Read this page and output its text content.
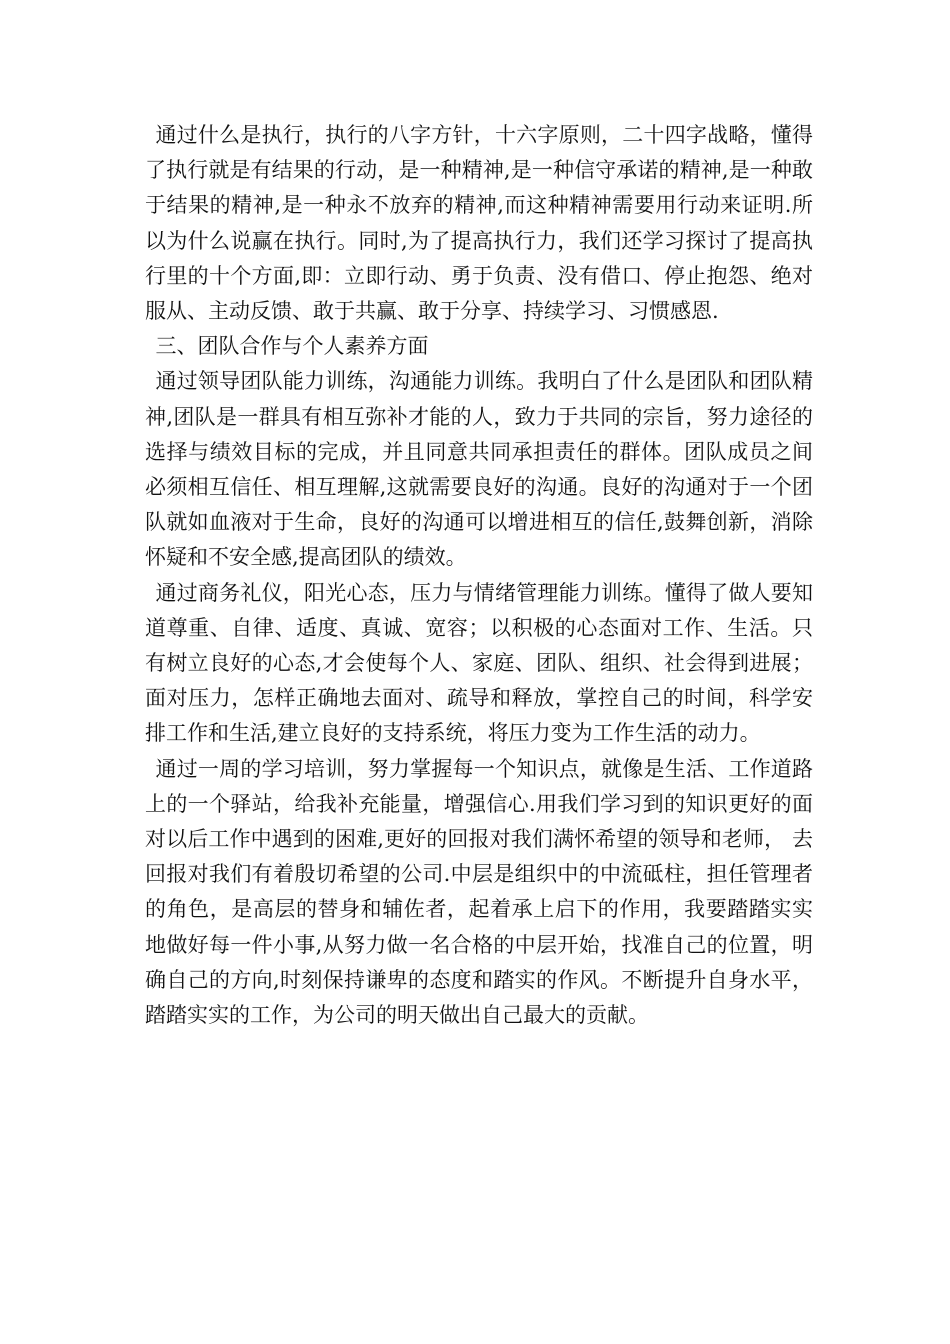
通过什么是执行，执行的八字方针，十六字原则，二十四字战略，懂得了执行就是有结果的行动，是一种精神,是一种信守承诺的精神,是一种敢于结果的精神,是一种永不放弃的精神,而这种精神需要用行动来证明.所以为什么说赢在执行。同时,为了提高执行力，我们还学习探讨了提高执行里的十个方面,即：立即行动、勇于负责、没有借口、停止抱怨、绝对服从、主动反馈、敢于共赢、敢于分享、持续学习、习惯感恩.

三、团队合作与个人素养方面

通过领导团队能力训练，沟通能力训练。我明白了什么是团队和团队精神,团队是一群具有相互弥补才能的人，致力于共同的宗旨，努力途径的选择与绩效目标的完成，并且同意共同承担责任的群体。团队成员之间必须相互信任、相互理解,这就需要良好的沟通。良好的沟通对于一个团队就如血液对于生命，良好的沟通可以增进相互的信任,鼓舞创新，消除怀疑和不安全感,提高团队的绩效。

通过商务礼仪，阳光心态，压力与情绪管理能力训练。懂得了做人要知道尊重、自律、适度、真诚、宽容；以积极的心态面对工作、生活。只有树立良好的心态,才会使每个人、家庭、团队、组织、社会得到进展；面对压力，怎样正确地去面对、疏导和释放，掌控自己的时间，科学安排工作和生活,建立良好的支持系统，将压力变为工作生活的动力。

通过一周的学习培训，努力掌握每一个知识点，就像是生活、工作道路上的一个驿站，给我补充能量，增强信心.用我们学习到的知识更好的面对以后工作中遇到的困难,更好的回报对我们满怀希望的领导和老师， 去回报对我们有着殷切希望的公司.中层是组织中的中流砥柱，担任管理者的角色，是高层的替身和辅佐者，起着承上启下的作用，我要踏踏实实地做好每一件小事,从努力做一名合格的中层开始，找准自己的位置，明确自己的方向,时刻保持谦卑的态度和踏实的作风。不断提升自身水平，踏踏实实的工作，为公司的明天做出自己最大的贡献。
